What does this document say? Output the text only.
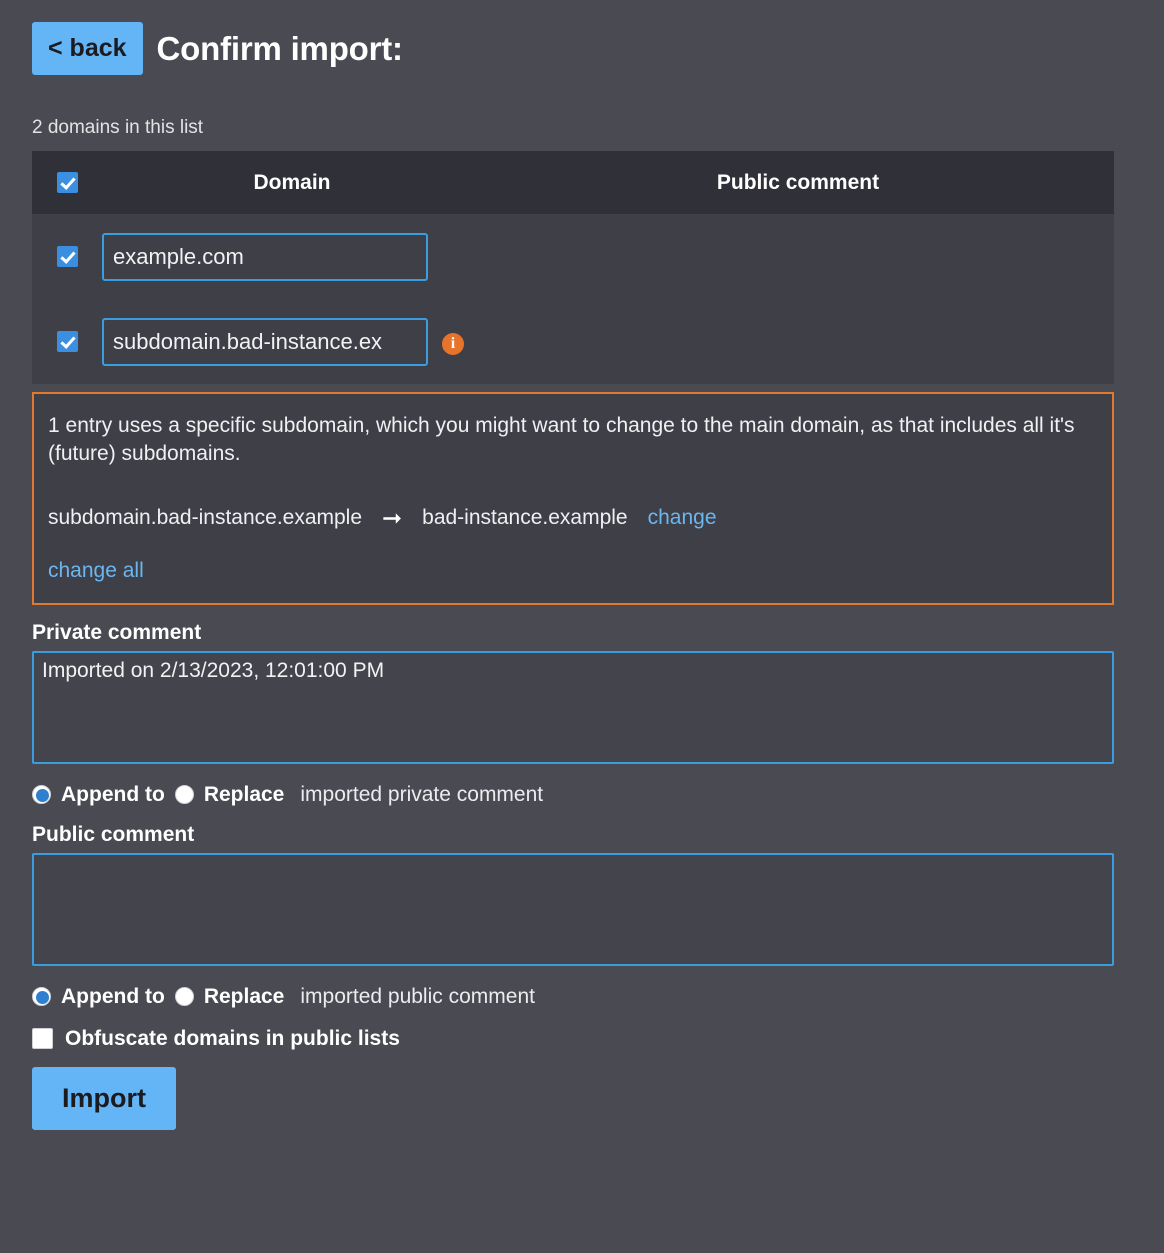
< back Confirm import:
2 domains in this list
	Domain	Public comment
	example.com	
	subdomain.bad-instance.exi	
1 entry uses a specific subdomain, which you might want to change to the main domain, as that includes all it's (future) subdomains.
subdomain.bad-instance.example ➞ bad-instance.example change
change all
Private comment
Imported on 2/13/2023, 12:01:00 PM
Append to Replace imported private comment
Public comment
Append to Replace imported public comment
Obfuscate domains in public lists
Import
